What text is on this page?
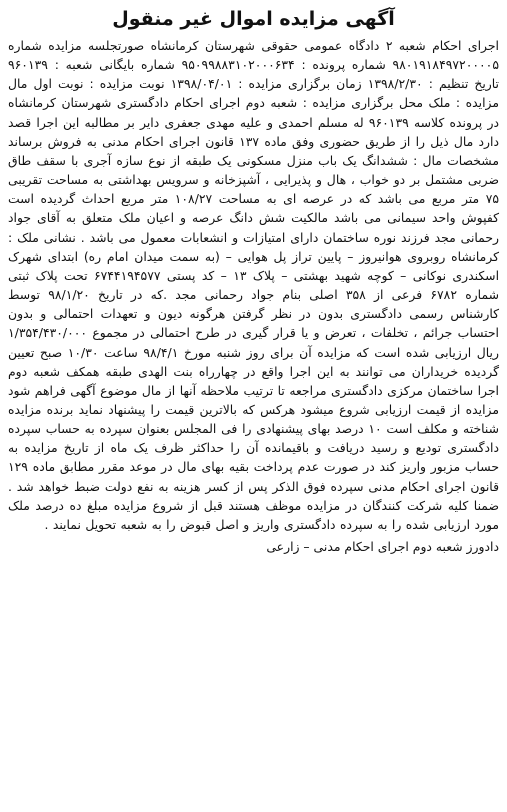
آگهی مزایده اموال غیر منقول

اجرای احکام شعبه ۲ دادگاه عمومی حقوقی شهرستان کرمانشاه صورتجلسه مزایده شماره ۹۸۰۱۹۱۸۴۹۷۲۰۰۰۰۵ شماره پرونده : ۹۵۰۹۹۸۸۳۱۰۲۰۰۰۶۳۴ شماره بایگانی شعبه : ۹۶۰۱۳۹ تاریخ تنظیم : ۱۳۹۸/۲/۳۰ زمان برگزاری مزایده : ۱۳۹۸/۰۴/۰۱ نوبت مزایده : نوبت اول مال مزایده : ملک محل برگزاری مزایده : شعبه دوم اجرای احکام دادگستری شهرستان کرمانشاه در پرونده کلاسه ۹۶۰۱۳۹ له مسلم احمدی و علیه مهدی جعفری دایر بر مطالبه این اجرا قصد دارد مال ذیل را از طریق حضوری وفق ماده ۱۳۷ قانون اجرای احکام مدنی به فروش برساند مشخصات مال : ششدانگ یک باب منزل مسکونی یک طبقه از نوع سازه آجری با سقف طاق ضربی مشتمل بر دو خواب ، هال و پذیرایی ، آشپزخانه و سرویس بهداشتی به مساحت تقریبی ۷۵ متر مربع می باشد که در عرصه ای به مساحت ۱۰۸/۲۷ متر مربع احداث گردیده است کفپوش واحد سیمانی می باشد مالکیت شش دانگ عرصه و اعیان ملک متعلق به آقای جواد رحمانی مجد فرزند نوره ساختمان دارای امتیازات و انشعابات معمول می باشد . نشانی ملک : کرمانشاه روبروی هوانیروز – پایین تراز پل هوایی – (به سمت میدان امام ره) ابتدای شهرک اسکندری نوکانی – کوچه شهید بهشتی – پلاک ۱۳ – کد پستی ۶۷۴۴۱۹۴۵۷۷ تحت پلاک ثبتی شماره ۶۷۸۲ فرعی از ۳۵۸ اصلی بنام جواد رحمانی مجد .که در تاریخ ۹۸/۱/۲۰ توسط کارشناس رسمی دادگستری بدون در نظر گرفتن هرگونه دیون و تعهدات احتمالی و بدون احتساب جرائم ، تخلفات ، تعرض و یا قرار گیری در طرح احتمالی در مجموع ۱/۳۵۴/۴۳۰/۰۰۰ ریال ارزیابی شده است که مزایده آن برای روز شنبه مورخ ۹۸/۴/۱ ساعت ۱۰/۳۰ صبح تعیین گردیده خریداران می توانند به این اجرا واقع در چهارراه بنت الهدی طبقه همکف شعبه دوم اجرا ساختمان مرکزی دادگستری مراجعه تا ترتیب ملاحظه آنها از مال موضوع آگهی فراهم شود مزایده از قیمت ارزیابی شروع میشود هرکس که بالاترین قیمت را پیشنهاد نماید برنده مزایده شناخته و مکلف است ۱۰ درصد بهای پیشنهادی را فی المجلس بعنوان سپرده به حساب سپرده دادگستری تودیع و رسید دریافت و باقیمانده آن را حداکثر ظرف یک ماه از تاریخ مزایده به حساب مزبور واریز کند در صورت عدم پرداخت بقیه بهای مال در موعد مقرر مطابق ماده ۱۲۹ قانون اجرای احکام مدنی سپرده فوق الذکر پس از کسر هزینه به نفع دولت ضبط خواهد شد . ضمنا کلیه شرکت کنندگان در مزایده موظف هستند قبل از شروع مزایده مبلغ ده درصد ملک مورد ارزیابی شده را به سپرده دادگستری واریز و اصل قبوض را به شعبه تحویل نمایند .

دادورز شعبه دوم اجرای احکام مدنی – زارعی
